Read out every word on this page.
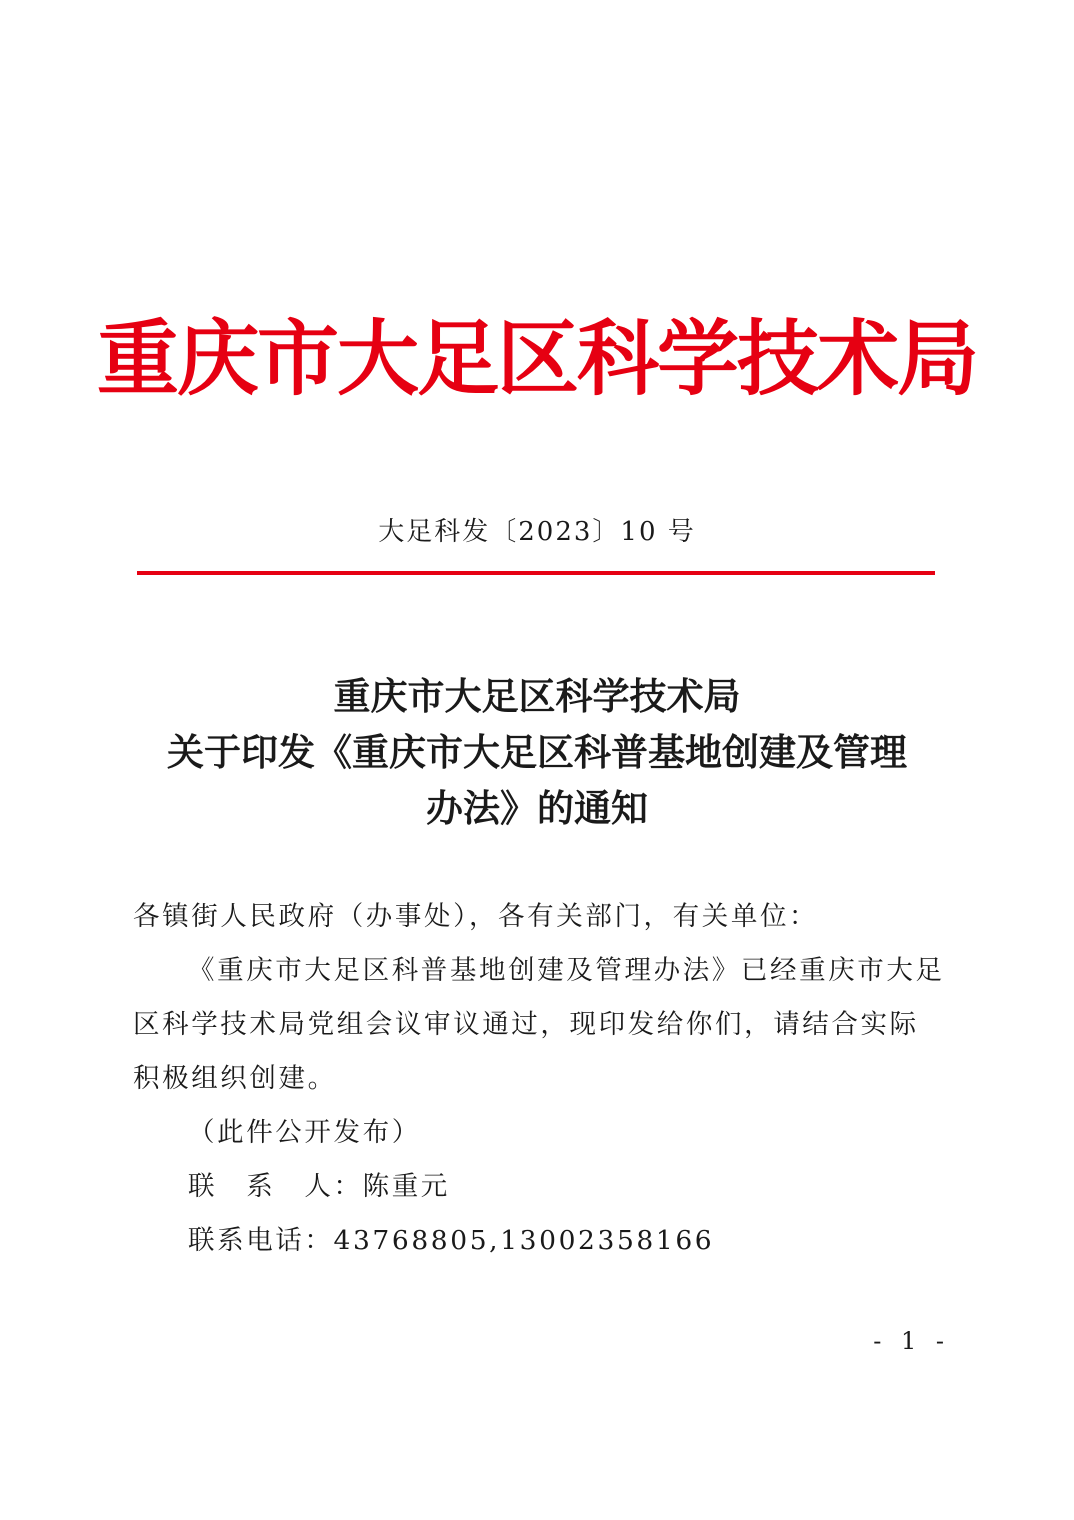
重庆市大足区科学技术局
大足科发〔2023〕10 号
重庆市大足区科学技术局
关于印发《重庆市大足区科普基地创建及管理
办法》的通知

各镇街人民政府（办事处），各有关部门，有关单位：

《重庆市大足区科普基地创建及管理办法》已经重庆市大足区科学技术局党组会议审议通过，现印发给你们，请结合实际积极组织创建。

（此件公开发布）

联　系　人：陈重元

联系电话：43768805,13002358166

- 1 -
